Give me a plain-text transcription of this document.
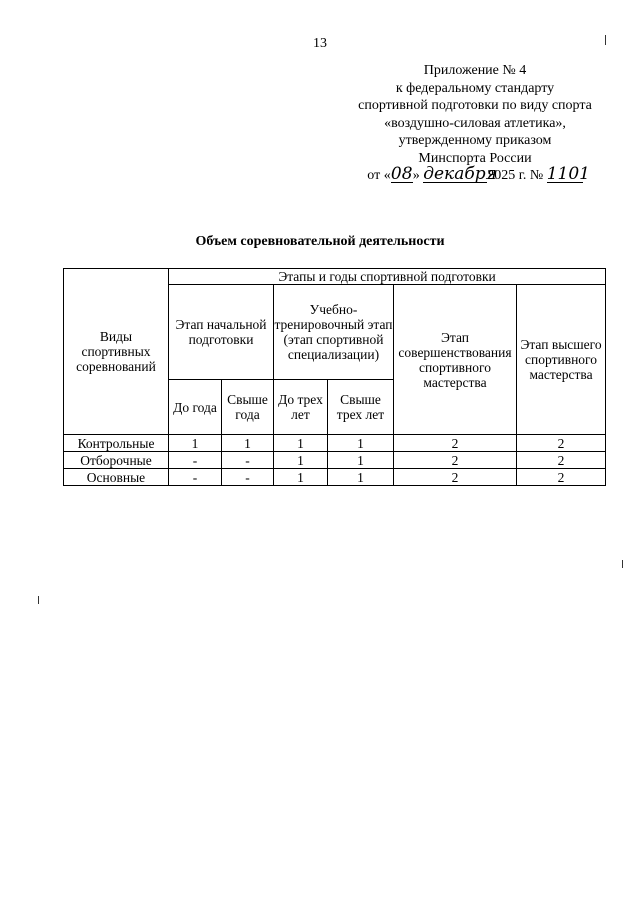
13
Приложение № 4
к федеральному стандарту
спортивной подготовки по виду спорта
«воздушно-силовая атлетика»,
утвержденному приказом
Минспорта России
от «08» декабря2025 г. № 1101
Объем соревновательной деятельности
Виды спортивных соревнований	Этапы и годы спортивной подготовки					
	Этап начальной подготовки		Учебно-тренировочный этап (этап спортивной специализации)		Этап совершенствования спортивного мастерства	Этап высшего спортивного мастерства
	До года	Свыше года	До трех лет	Свыше трех лет		
Контрольные	1	1	1	1	2	2
Отборочные	-	-	1	1	2	2
Основные	-	-	1	1	2	2
